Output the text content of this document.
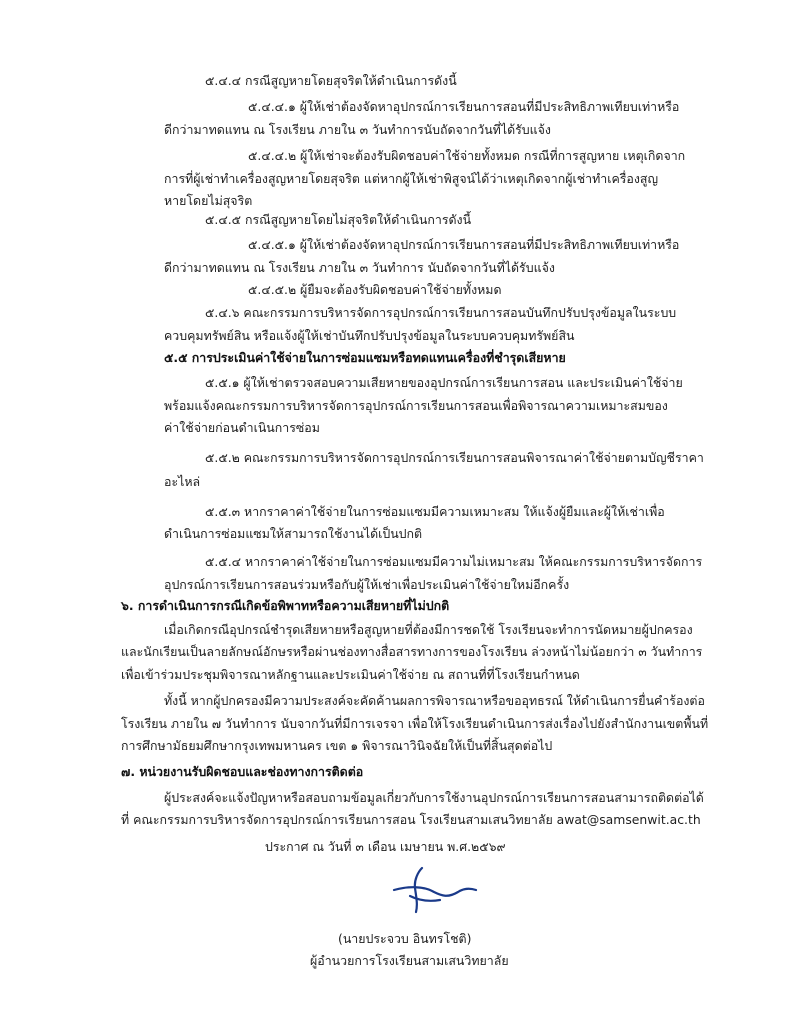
๕.๔.๔ กรณีสูญหายโดยสุจริตให้ดำเนินการดังนี้
๕.๔.๔.๑ ผู้ให้เช่าต้องจัดหาอุปกรณ์การเรียนการสอนที่มีประสิทธิภาพเทียบเท่าหรือ
ดีกว่ามาทดแทน ณ โรงเรียน ภายใน ๓ วันทำการนับถัดจากวันที่ได้รับแจ้ง
๕.๔.๔.๒ ผู้ให้เช่าจะต้องรับผิดชอบค่าใช้จ่ายทั้งหมด กรณีที่การสูญหาย เหตุเกิดจาก
การที่ผู้เช่าทำเครื่องสูญหายโดยสุจริต แต่หากผู้ให้เช่าพิสูจน์ได้ว่าเหตุเกิดจากผู้เช่าทำเครื่องสูญ
หายโดยไม่สุจริต
๕.๔.๕ กรณีสูญหายโดยไม่สุจริตให้ดำเนินการดังนี้
๕.๔.๕.๑ ผู้ให้เช่าต้องจัดหาอุปกรณ์การเรียนการสอนที่มีประสิทธิภาพเทียบเท่าหรือ
ดีกว่ามาทดแทน ณ โรงเรียน ภายใน ๓ วันทำการ นับถัดจากวันที่ได้รับแจ้ง
๕.๔.๕.๒ ผู้ยืมจะต้องรับผิดชอบค่าใช้จ่ายทั้งหมด
๕.๔.๖ คณะกรรมการบริหารจัดการอุปกรณ์การเรียนการสอนบันทึกปรับปรุงข้อมูลในระบบ
ควบคุมทรัพย์สิน หรือแจ้งผู้ให้เช่าบันทึกปรับปรุงข้อมูลในระบบควบคุมทรัพย์สิน
๕.๕ การประเมินค่าใช้จ่ายในการซ่อมแซมหรือทดแทนเครื่องที่ชำรุดเสียหาย
๕.๕.๑ ผู้ให้เช่าตรวจสอบความเสียหายของอุปกรณ์การเรียนการสอน และประเมินค่าใช้จ่าย
พร้อมแจ้งคณะกรรมการบริหารจัดการอุปกรณ์การเรียนการสอนเพื่อพิจารณาความเหมาะสมของ
ค่าใช้จ่ายก่อนดำเนินการซ่อม
๕.๕.๒ คณะกรรมการบริหารจัดการอุปกรณ์การเรียนการสอนพิจารณาค่าใช้จ่ายตามบัญชีราคา
อะไหล่
๕.๕.๓ หากราคาค่าใช้จ่ายในการซ่อมแซมมีความเหมาะสม ให้แจ้งผู้ยืมและผู้ให้เช่าเพื่อ
ดำเนินการซ่อมแซมให้สามารถใช้งานได้เป็นปกติ
๕.๕.๔ หากราคาค่าใช้จ่ายในการซ่อมแซมมีความไม่เหมาะสม ให้คณะกรรมการบริหารจัดการ
อุปกรณ์การเรียนการสอนร่วมหรือกับผู้ให้เช่าเพื่อประเมินค่าใช้จ่ายใหม่อีกครั้ง
๖. การดำเนินการกรณีเกิดข้อพิพาทหรือความเสียหายที่ไม่ปกติ
เมื่อเกิดกรณีอุปกรณ์ชำรุดเสียหายหรือสูญหายที่ต้องมีการชดใช้ โรงเรียนจะทำการนัดหมายผู้ปกครอง
และนักเรียนเป็นลายลักษณ์อักษรหรือผ่านช่องทางสื่อสารทางการของโรงเรียน ล่วงหน้าไม่น้อยกว่า ๓ วันทำการ
เพื่อเข้าร่วมประชุมพิจารณาหลักฐานและประเมินค่าใช้จ่าย ณ สถานที่ที่โรงเรียนกำหนด
ทั้งนี้ หากผู้ปกครองมีความประสงค์จะคัดค้านผลการพิจารณาหรือขออุทธรณ์ ให้ดำเนินการยื่นคำร้องต่อ
โรงเรียน ภายใน ๗ วันทำการ นับจากวันที่มีการเจรจา เพื่อให้โรงเรียนดำเนินการส่งเรื่องไปยังสำนักงานเขตพื้นที่
การศึกษามัธยมศึกษากรุงเทพมหานคร เขต ๑ พิจารณาวินิจฉัยให้เป็นที่สิ้นสุดต่อไป
๗. หน่วยงานรับผิดชอบและช่องทางการติดต่อ
ผู้ประสงค์จะแจ้งปัญหาหรือสอบถามข้อมูลเกี่ยวกับการใช้งานอุปกรณ์การเรียนการสอนสามารถติดต่อได้
ที่ คณะกรรมการบริหารจัดการอุปกรณ์การเรียนการสอน โรงเรียนสามเสนวิทยาลัย awat@samsenwit.ac.th
ประกาศ ณ วันที่ ๓ เดือน เมษายน พ.ศ.๒๕๖๙
(นายประจวบ อินทรโชติ)
ผู้อำนวยการโรงเรียนสามเสนวิทยาลัย
